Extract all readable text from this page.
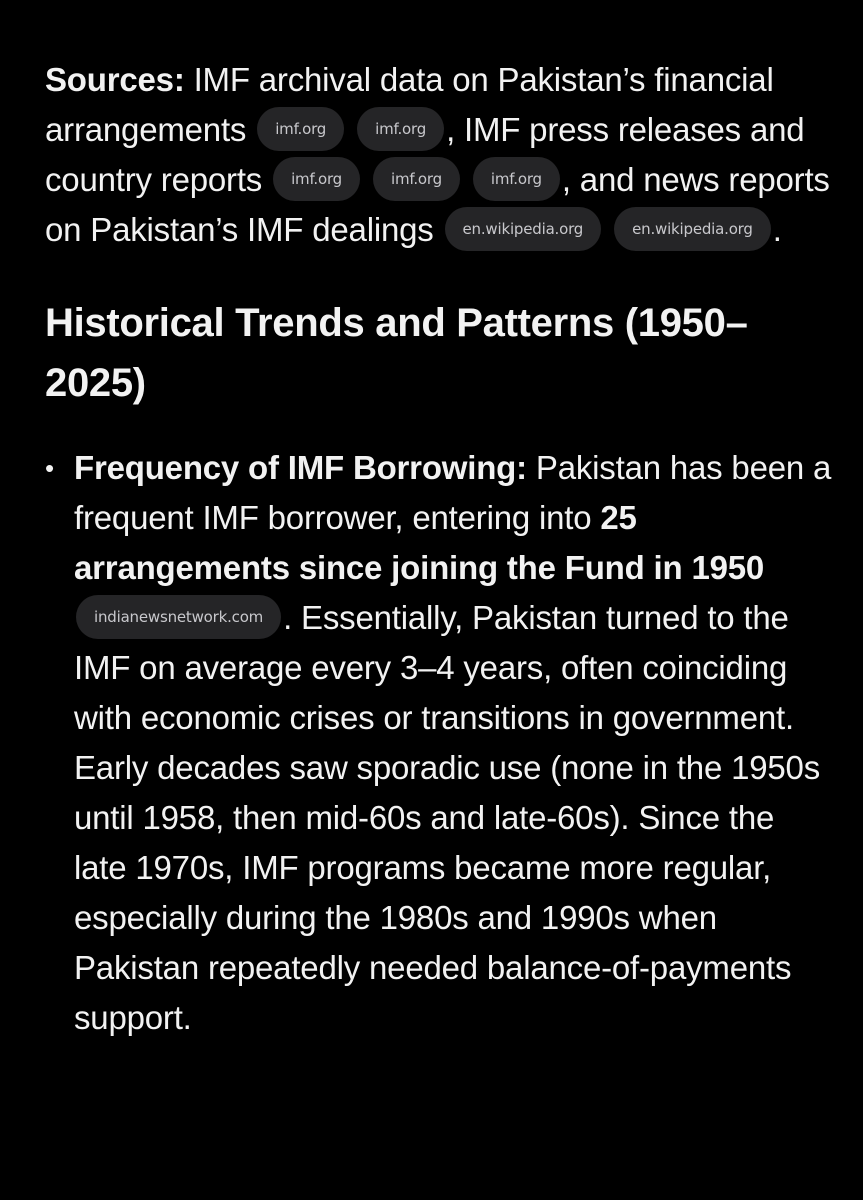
Sources: IMF archival data on Pakistan’s financial arrangements imf.org	imf.org , IMF press releases and country reports imf.org	imf.org	imf.org , and news reports on Pakistan’s IMF dealings en.wikipedia.org	en.wikipedia.org .

Historical Trends and Patterns (1950–2025)
• Frequency of IMF Borrowing: Pakistan has been a frequent IMF borrower, entering into 25 arrangements since joining the Fund in 1950 indianewsnetwork.com . Essentially, Pakistan turned to the IMF on average every 3–4 years, often coinciding with economic crises or transitions in government. Early decades saw sporadic use (none in the 1950s until 1958, then mid-60s and late-60s). Since the late 1970s, IMF programs became more regular, especially during the 1980s and 1990s when Pakistan repeatedly needed balance-of-payments support.
